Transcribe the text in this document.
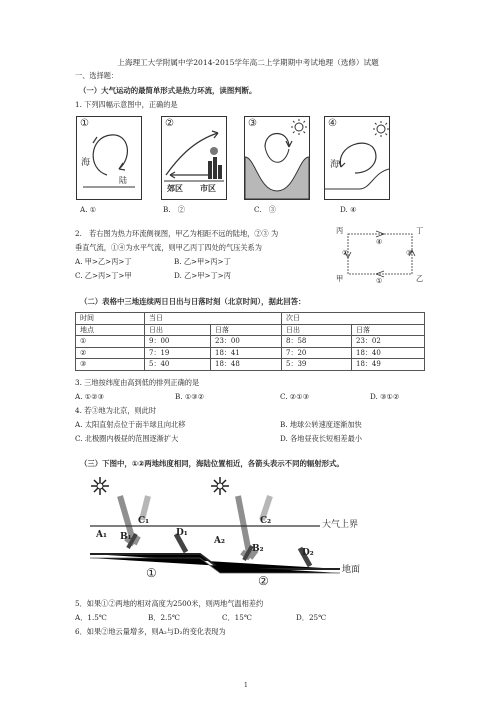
上海理工大学附属中学2014-2015学年高二上学期期中考试地理（选修）试题
一、选择题：
（一）大气运动的最简单形式是热力环流，读图判断。
1. 下列四幅示意图中，正确的是
①
海
陆
②
郊区 市区
③	④
海
A. ①	B.　②	C.　③	D. ④
2.　若右图为热力环流侧视图，甲乙为相距不远的陆地，②③ 为
垂直气流，①④为水平气流，则甲乙丙丁四处的气压关系为
A. 甲>乙>丙>丁	B. 乙>甲>丙>丁
C. 乙>丙>丁>甲	D. 乙>甲>丁>丙
丙	丁
甲	乙
④
②	③
①
（二）表格中三地连续两日日出与日落时刻（北京时间），据此回答：
时间	当日		次日	
地点	日出	日落	日出	日落
①	9：00	23：00	8：58	23：02
②	7：19	18：41	7：20	18：40
③	5：40	18：48	5：39	18：49
3. 三地按纬度由高到低的排列正确的是
A. ①②③	B. ①③②	C. ②①③	D. ③①②
4. 若③地为北京，则此时
A. 太阳直射点位于南半球且向北移	B. 地球公转速度逐渐加快
C. 北极圈内极昼的范围逐渐扩大	D. 各地昼夜长短相差最小
（三）下图中，①②两地纬度相同，海陆位置相近，各箭头表示不同的辐射形式。
大气上界
地面
C₁
A₁ B₁	D₁
C₂
A₂
B₂	D₂
①
②
5．如果①②两地的相对高度为2500米，则两地气温相差约
A．1.5℃	B．2.5℃	C．15℃	D．25℃
6．如果②地云量增多，则A₂与D₂的变化表现为
1
